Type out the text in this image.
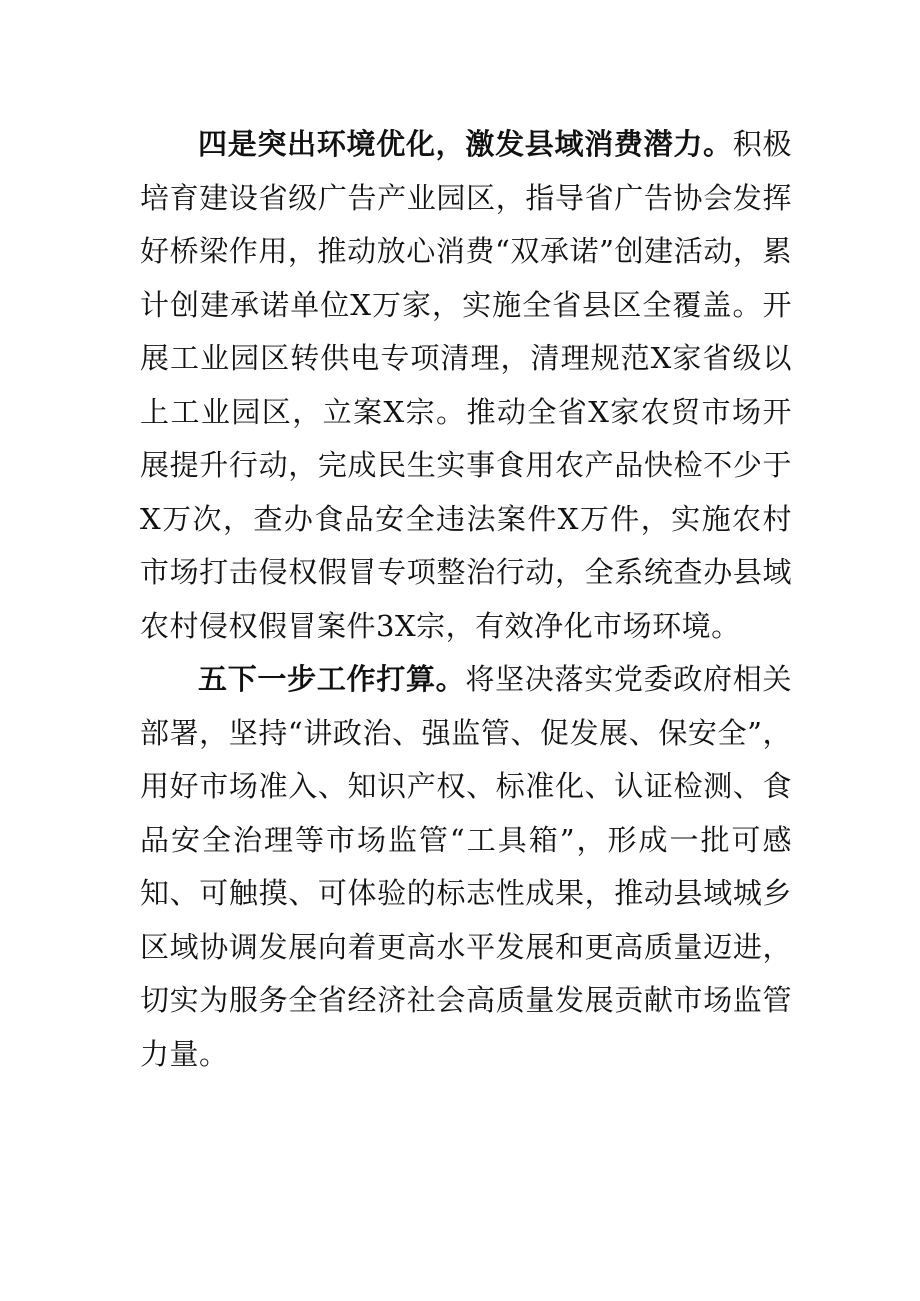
四是突出环境优化，激发县域消费潜力。积极培育建设省级广告产业园区，指导省广告协会发挥好桥梁作用，推动放心消费“双承诺”创建活动，累计创建承诺单位X万家，实施全省县区全覆盖。开展工业园区转供电专项清理，清理规范X家省级以上工业园区，立案X宗。推动全省X家农贸市场开展提升行动，完成民生实事食用农产品快检不少于X万次，查办食品安全违法案件X万件，实施农村市场打击侵权假冒专项整治行动，全系统查办县域农村侵权假冒案件3X宗，有效净化市场环境。

五下一步工作打算。将坚决落实党委政府相关部署，坚持“讲政治、强监管、促发展、保安全”，用好市场准入、知识产权、标准化、认证检测、食品安全治理等市场监管“工具箱”，形成一批可感知、可触摸、可体验的标志性成果，推动县域城乡区域协调发展向着更高水平发展和更高质量迈进，切实为服务全省经济社会高质量发展贡献市场监管力量。
